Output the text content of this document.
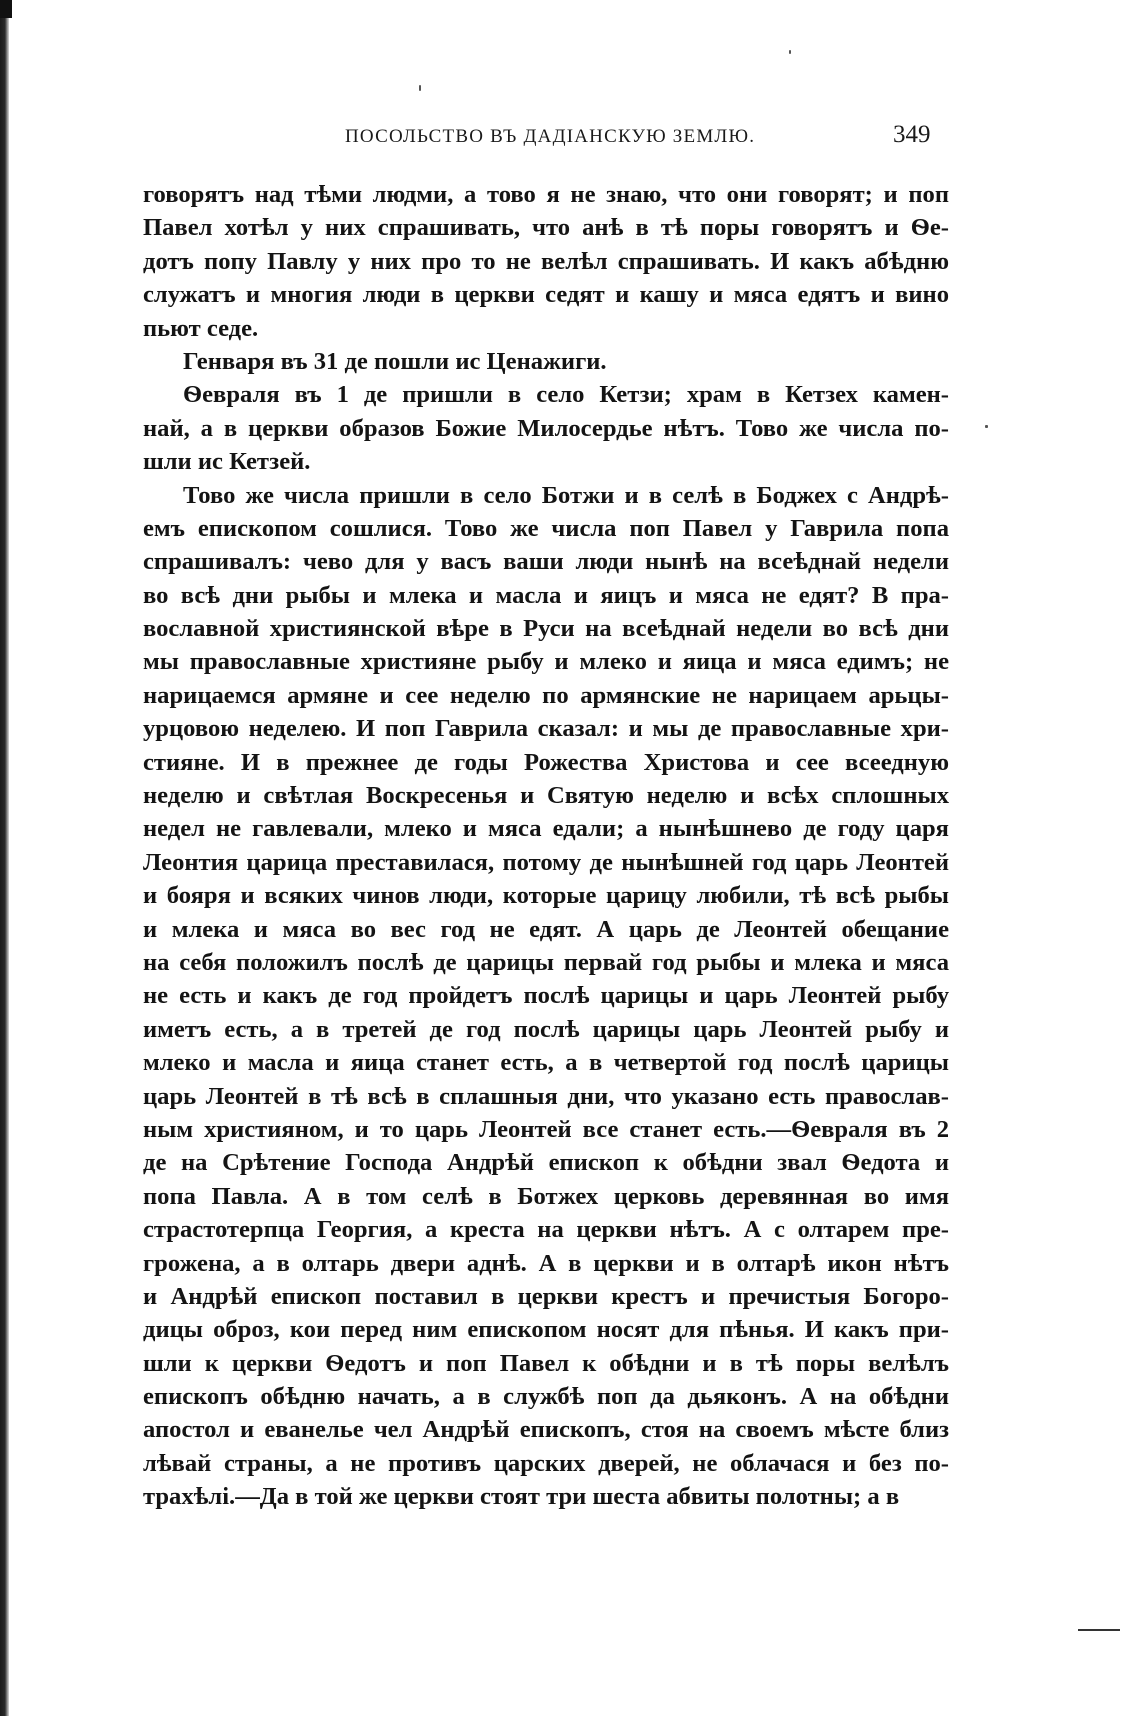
ПОСОЛЬСТВО ВЪ ДАДІАНСКУЮ ЗЕМЛЮ.	349

говорятъ над тѣми людми, а тово я не знаю, что они говорят; и поп
Павел хотѣл у них спрашивать, что анѣ в тѣ поры говорятъ и Ѳе-
дотъ попу Павлу у них про то не велѣл спрашивать. И какъ абѣдню
служатъ и многия люди в церкви седят и кашу и мяса едятъ и вино
пьют седе.

Генваря въ 31 де пошли ис Ценажиги.

Ѳевраля въ 1 де пришли в село Кетзи; храм в Кетзех камен-
най, а в церкви образов Божие Милосердье нѣтъ. Тово же числа по-
шли ис Кетзей.

Тово же числа пришли в село Ботжи и в селѣ в Боджех с Андрѣ-
емъ епископом сошлися. Тово же числа поп Павел у Гаврила попа
спрашивалъ: чево для у васъ ваши люди нынѣ на всеѣднай недели
во всѣ дни рыбы и млека и масла и яицъ и мяса не едят? В пра-
вославной християнской вѣре в Руси на всеѣднай недели во всѣ дни
мы православные християне рыбу и млеко и яица и мяса едимъ; не
нарицаемся армяне и сее неделю по армянские не нарицаем арьцы-
урцовою неделею. И поп Гаврила сказал: и мы де православные хри-
стияне. И в прежнее де годы Рожества Христова и сее всеедную
неделю и свѣтлая Воскресенья и Святую неделю и всѣх сплошных
недел не гавлевали, млеко и мяса едали; а нынѣшнево де году царя
Леонтия царица преставилася, потому де нынѣшней год царь Леонтей
и бояря и всяких чинов люди, которые царицу любили, тѣ всѣ рыбы
и млека и мяса во вес год не едят. А царь де Леонтей обещание
на себя положилъ послѣ де царицы первай год рыбы и млека и мяса
не есть и какъ де год пройдетъ послѣ царицы и царь Леонтей рыбу
иметъ есть, а в третей де год послѣ царицы царь Леонтей рыбу и
млеко и масла и яица станет есть, а в четвертой год послѣ царицы
царь Леонтей в тѣ всѣ в сплашныя дни, что указано есть православ-
ным християном, и то царь Леонтей все станет есть.—Ѳевраля въ 2
де на Срѣтение Господа Андрѣй епископ к обѣдни звал Ѳедота и
попа Павла. А в том селѣ в Ботжех церковь деревянная во имя
страстотерпца Георгия, а креста на церкви нѣтъ. А с олтарем пре-
грожена, а в олтарь двери аднѣ. А в церкви и в олтарѣ икон нѣтъ
и Андрѣй епископ поставил в церкви крестъ и пречистыя Богоро-
дицы оброз, кои перед ним епископом носят для пѣнья. И какъ при-
шли к церкви Ѳедотъ и поп Павел к обѣдни и в тѣ поры велѣлъ
епископъ обѣдню начать, а в службѣ поп да дьяконъ. А на обѣдни
апостол и еванелье чел Андрѣй епископъ, стоя на своемъ мѣсте близ
лѣвай страны, а не противъ царских дверей, не облачася и без по-
трахѣлі.—Да в той же церкви стоят три шеста абвиты полотны; а в
